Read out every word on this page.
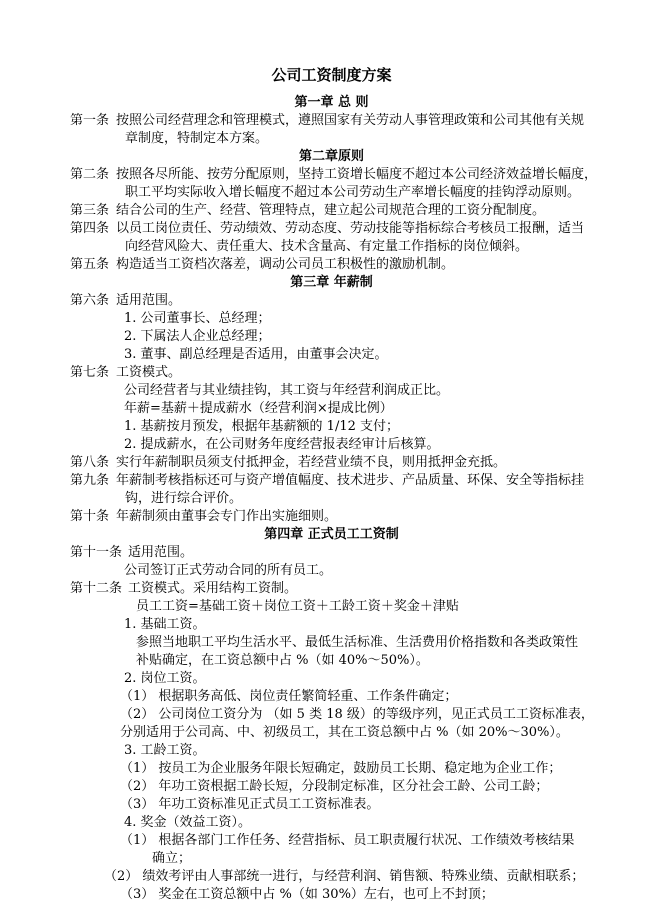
公司工资制度方案
第一章 总 则
第一条 按照公司经营理念和管理模式，遵照国家有关劳动人事管理政策和公司其他有关规
章制度，特制定本方案。
第二章原则
第二条 按照各尽所能、按劳分配原则，坚持工资增长幅度不超过本公司经济效益增长幅度，
职工平均实际收入增长幅度不超过本公司劳动生产率增长幅度的挂钩浮动原则。
第三条 结合公司的生产、经营、管理特点，建立起公司规范合理的工资分配制度。
第四条 以员工岗位责任、劳动绩效、劳动态度、劳动技能等指标综合考核员工报酬，适当
向经营风险大、责任重大、技术含量高、有定量工作指标的岗位倾斜。
第五条 构造适当工资档次落差，调动公司员工积极性的激励机制。
第三章 年薪制
第六条 适用范围。
1. 公司董事长、总经理；
2. 下属法人企业总经理；
3. 董事、副总经理是否适用，由董事会决定。
第七条 工资模式。
公司经营者与其业绩挂钩，其工资与年经营利润成正比。
年薪=基薪＋提成薪水（经营利润×提成比例）
1. 基薪按月预发，根据年基薪额的 1/12 支付；
2. 提成薪水，在公司财务年度经营报表经审计后核算。
第八条 实行年薪制职员须支付抵押金，若经营业绩不良，则用抵押金充抵。
第九条 年薪制考核指标还可与资产增值幅度、技术进步、产品质量、环保、安全等指标挂
钩，进行综合评价。
第十条 年薪制须由董事会专门作出实施细则。
第四章 正式员工工资制
第十一条 适用范围。
公司签订正式劳动合同的所有员工。
第十二条 工资模式。采用结构工资制。
员工工资=基础工资＋岗位工资＋工龄工资＋奖金＋津贴
1. 基础工资。
参照当地职工平均生活水平、最低生活标准、生活费用价格指数和各类政策性
补贴确定，在工资总额中占 %（如 40%～50%）。
2. 岗位工资。
（1） 根据职务高低、岗位责任繁简轻重、工作条件确定；
（2） 公司岗位工资分为 （如 5 类 18 级）的等级序列，见正式员工工资标准表，
分别适用于公司高、中、初级员工，其在工资总额中占 %（如 20%～30%）。
3. 工龄工资。
（1） 按员工为企业服务年限长短确定，鼓励员工长期、稳定地为企业工作；
（2） 年功工资根据工龄长短，分段制定标准，区分社会工龄、公司工龄；
（3） 年功工资标准见正式员工工资标准表。
4. 奖金（效益工资）。
（1） 根据各部门工作任务、经营指标、员工职责履行状况、工作绩效考核结果
确立；
（2） 绩效考评由人事部统一进行，与经营利润、销售额、特殊业绩、贡献相联系；
（3） 奖金在工资总额中占 %（如 30%）左右，也可上不封顶；
